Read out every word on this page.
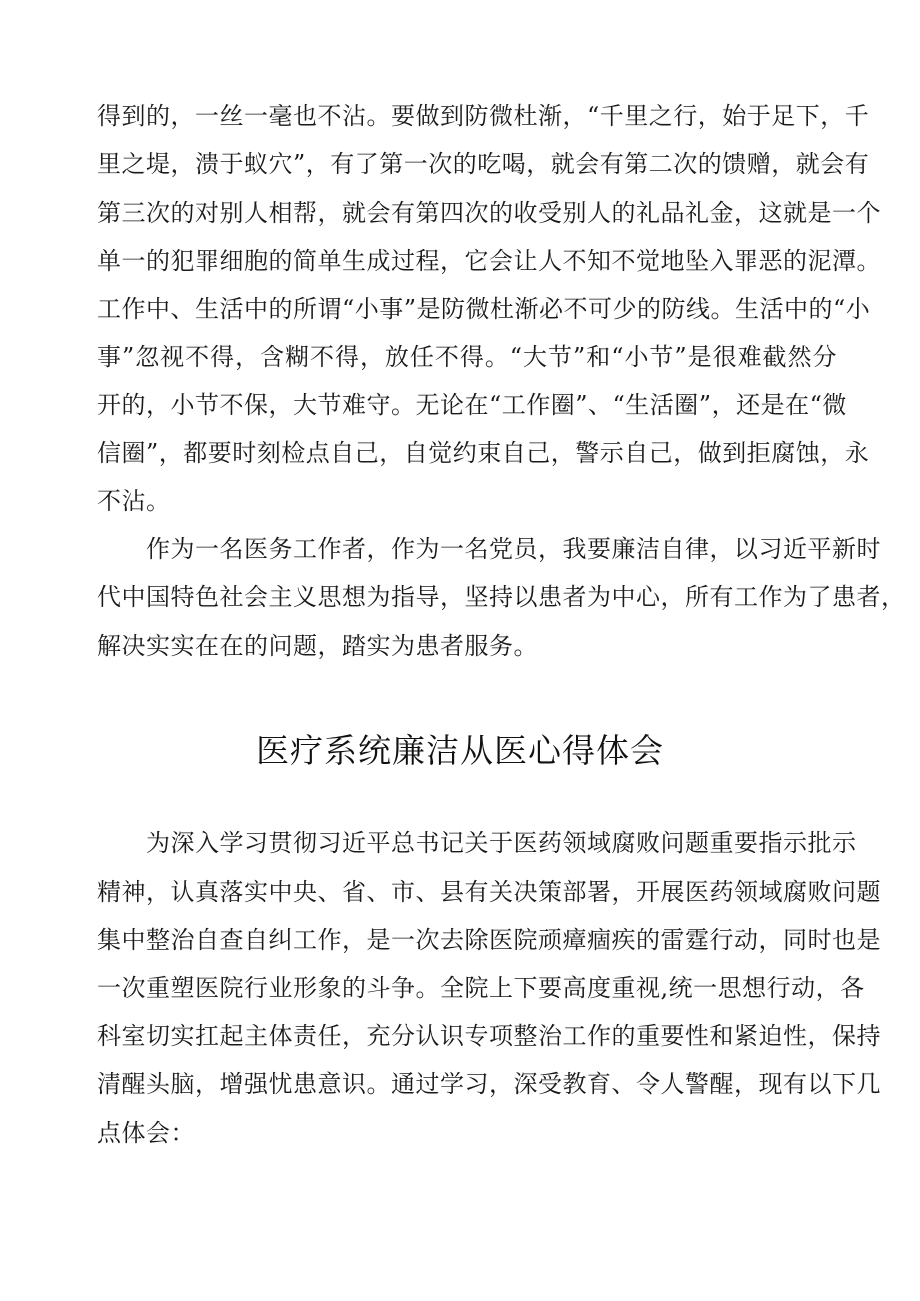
得到的，一丝一毫也不沾。要做到防微杜渐，“千里之行，始于足下，千
里之堤，溃于蚁穴”，有了第一次的吃喝，就会有第二次的馈赠，就会有
第三次的对别人相帮，就会有第四次的收受别人的礼品礼金，这就是一个
单一的犯罪细胞的简单生成过程，它会让人不知不觉地坠入罪恶的泥潭。
工作中、生活中的所谓“小事”是防微杜渐必不可少的防线。生活中的“小
事”忽视不得，含糊不得，放任不得。“大节”和“小节”是很难截然分
开的，小节不保，大节难守。无论在“工作圈”、“生活圈”，还是在“微
信圈”，都要时刻检点自己，自觉约束自己，警示自己，做到拒腐蚀，永
不沾。
作为一名医务工作者，作为一名党员，我要廉洁自律，以习近平新时
代中国特色社会主义思想为指导，坚持以患者为中心，所有工作为了患者，
解决实实在在的问题，踏实为患者服务。
医疗系统廉洁从医心得体会
为深入学习贯彻习近平总书记关于医药领域腐败问题重要指示批示
精神，认真落实中央、省、市、县有关决策部署，开展医药领域腐败问题
集中整治自查自纠工作，是一次去除医院顽瘴痼疾的雷霆行动，同时也是
一次重塑医院行业形象的斗争。全院上下要高度重视,统一思想行动，各
科室切实扛起主体责任，充分认识专项整治工作的重要性和紧迫性，保持
清醒头脑，增强忧患意识。通过学习，深受教育、令人警醒，现有以下几
点体会：
